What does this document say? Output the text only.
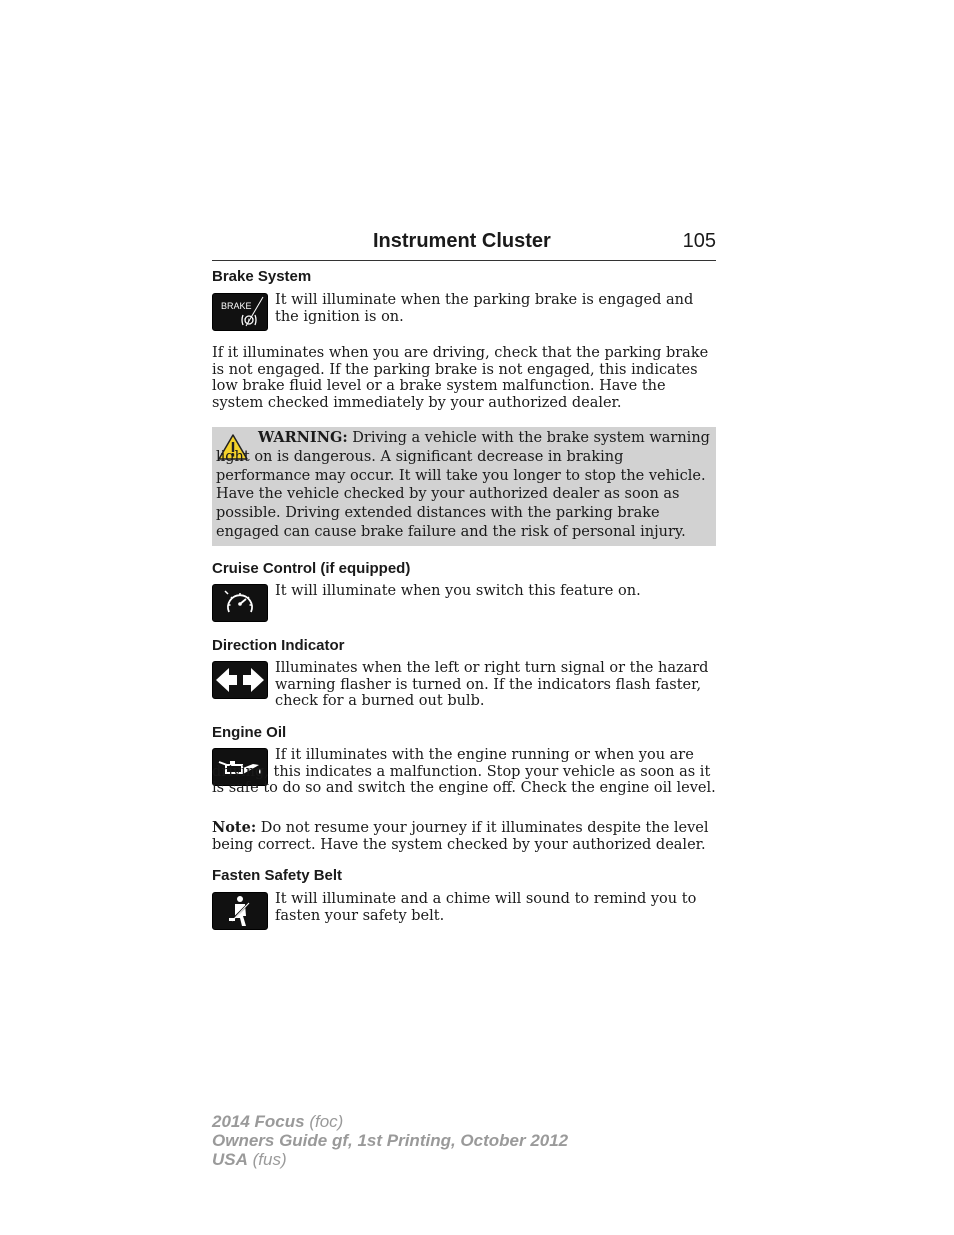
Instrument Cluster	105
Brake System
BRAKE
!
It will illuminate when the parking brake is engaged and the ignition is on.
If it illuminates when you are driving, check that the parking brake is not engaged. If the parking brake is not engaged, this indicates low brake fluid level or a brake system malfunction. Have the system checked immediately by your authorized dealer.
WARNING: Driving a vehicle with the brake system warning light on is dangerous. A significant decrease in braking performance may occur. It will take you longer to stop the vehicle. Have the vehicle checked by your authorized dealer as soon as possible. Driving extended distances with the parking brake engaged can cause brake failure and the risk of personal injury.
Cruise Control (if equipped)
It will illuminate when you switch this feature on.
Direction Indicator
Illuminates when the left or right turn signal or the hazard warning flasher is turned on. If the indicators flash faster, check for a burned out bulb.
Engine Oil
If it illuminates with the engine running or when you are driving, this indicates a malfunction. Stop your vehicle as soon as it is safe to do so and switch the engine off. Check the engine oil level.
Note: Do not resume your journey if it illuminates despite the level being correct. Have the system checked by your authorized dealer.
Fasten Safety Belt
It will illuminate and a chime will sound to remind you to fasten your safety belt.
2014 Focus (foc)
Owners Guide gf, 1st Printing, October 2012
USA (fus)
